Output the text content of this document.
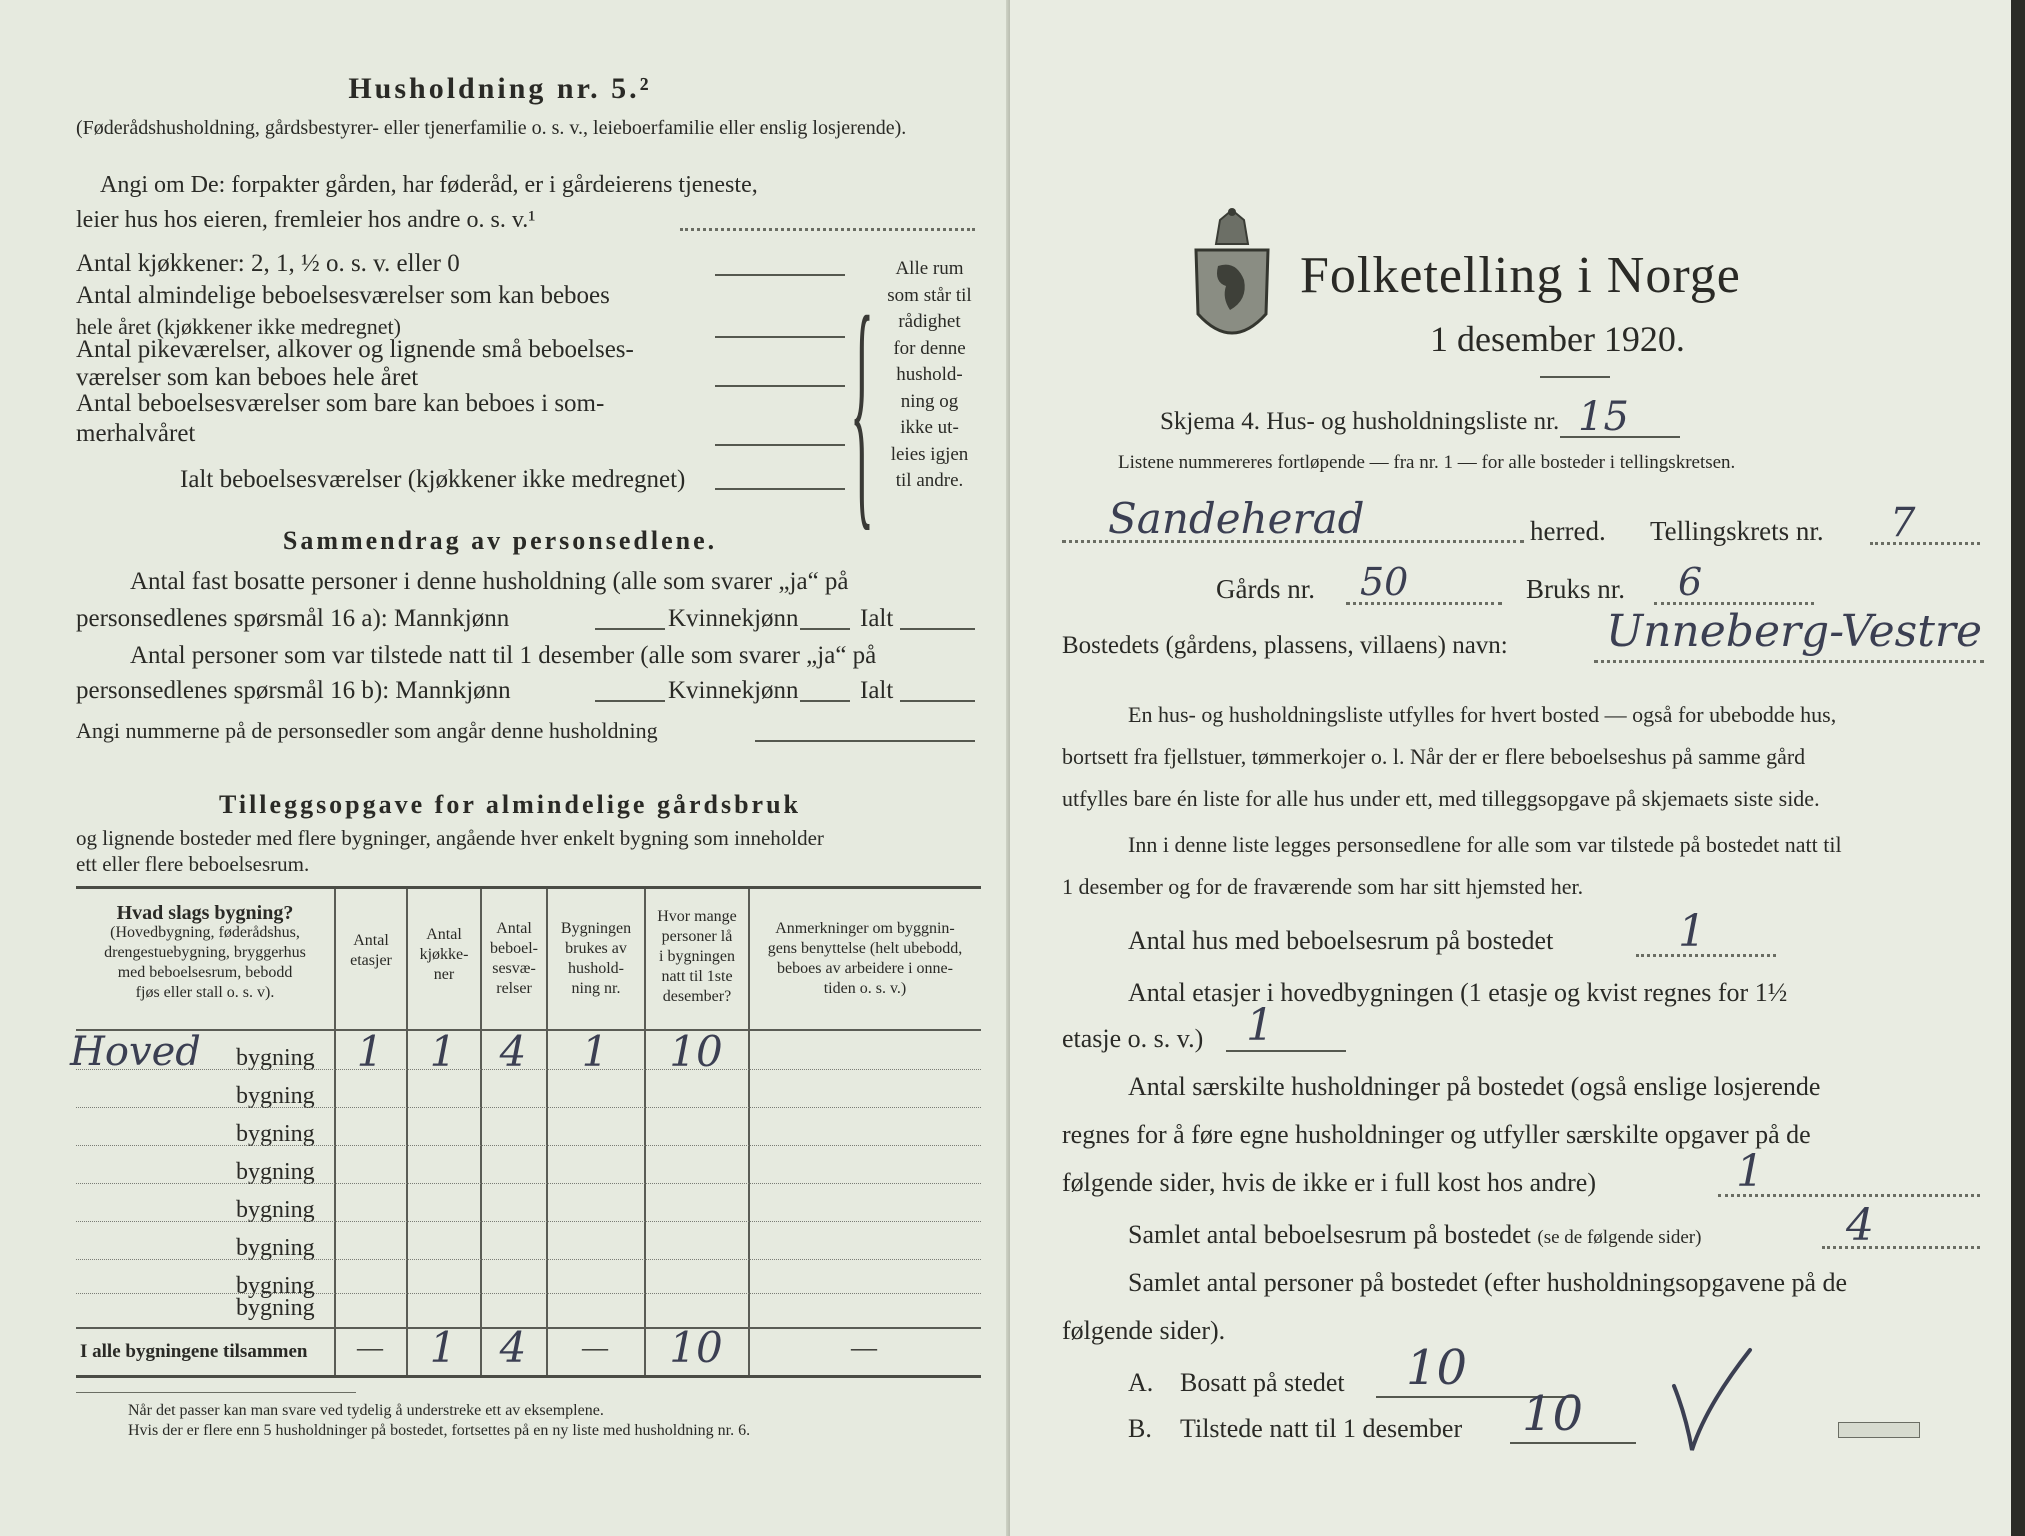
Husholdning nr. 5.²
(Føderådshusholdning, gårdsbestyrer- eller tjenerfamilie o. s. v., leieboerfamilie eller enslig losjerende).
Angi om De: forpakter gården, har føderåd, er i gårdeierens tjeneste,
leier hus hos eieren, fremleier hos andre o. s. v.¹
Antal kjøkkener: 2, 1, ½ o. s. v. eller 0
Antal almindelige beboelsesværelser som kan beboes
hele året (kjøkkener ikke medregnet)
Antal pikeværelser, alkover og lignende små beboelses-
værelser som kan beboes hele året
Antal beboelsesværelser som bare kan beboes i som-
merhalvåret
Ialt beboelsesværelser (kjøkkener ikke medregnet)	{	Alle rum
som står til
rådighet
for denne
hushold-
ning og
ikke ut-
leies igjen
til andre.
Sammendrag av personsedlene.
Antal fast bosatte personer i denne husholdning (alle som svarer „ja“ på
personsedlenes spørsmål 16 a): Mannkjønn	Kvinnekjønn Ialt
Antal personer som var tilstede natt til 1 desember (alle som svarer „ja“ på
personsedlenes spørsmål 16 b): Mannkjønn	Kvinnekjønn Ialt
Angi nummerne på de personsedler som angår denne husholdning
Tilleggsopgave for almindelige gårdsbruk
og lignende bosteder med flere bygninger, angående hver enkelt bygning som inneholder
ett eller flere beboelsesrum.
Hvad slags bygning?
(Hovedbygning, føderådshus,
drengestuebygning, bryggerhus
med beboelsesrum, bebodd
fjøs eller stall o. s. v).
Antal
etasjer
Antal
kjøkke-
ner
Antal
beboel-
sesvæ-
relser
Bygningen
brukes av
hushold-
ning nr.
Hvor mange
personer lå
i bygningen
natt til 1ste
desember?
Anmerkninger om byggnin-
gens benyttelse (helt ubebodd,
beboes av arbeidere i onne-
tiden o. s. v.)
Hoved bygning 1	1	4	1	10
bygning
bygning
bygning
bygning
bygning
bygning
bygning
I alle bygningene tilsammen	—	1	4	—	10	—
Når det passer kan man svare ved tydelig å understreke ett av eksemplene.
Hvis der er flere enn 5 husholdninger på bostedet, fortsettes på en ny liste med husholdning nr. 6.
Folketelling i Norge
1 desember 1920.
Skjema 4. Hus- og husholdningsliste nr. 15
Listene nummereres fortløpende — fra nr. 1 — for alle bosteder i tellingskretsen.
Sandeherad	herred. Tellingskrets nr. 7
Gårds nr. 50	Bruks nr. 6
Bostedets (gårdens, plassens, villaens) navn: Unneberg-Vestre
En hus- og husholdningsliste utfylles for hvert bosted — også for ubebodde hus,
bortsett fra fjellstuer, tømmerkojer o. l. Når der er flere beboelseshus på samme gård
utfylles bare én liste for alle hus under ett, med tilleggsopgave på skjemaets siste side.
Inn i denne liste legges personsedlene for alle som var tilstede på bostedet natt til
1 desember og for de fraværende som har sitt hjemsted her.
Antal hus med beboelsesrum på bostedet	1
Antal etasjer i hovedbygningen (1 etasje og kvist regnes for 1½
etasje o. s. v.) 1
Antal særskilte husholdninger på bostedet (også enslige losjerende
regnes for å føre egne husholdninger og utfyller særskilte opgaver på de
følgende sider, hvis de ikke er i full kost hos andre)	1
Samlet antal beboelsesrum på bostedet (se de følgende sider)	4
Samlet antal personer på bostedet (efter husholdningsopgavene på de
følgende sider).
A. Bosatt på stedet 10
B. Tilstede natt til 1 desember 10
